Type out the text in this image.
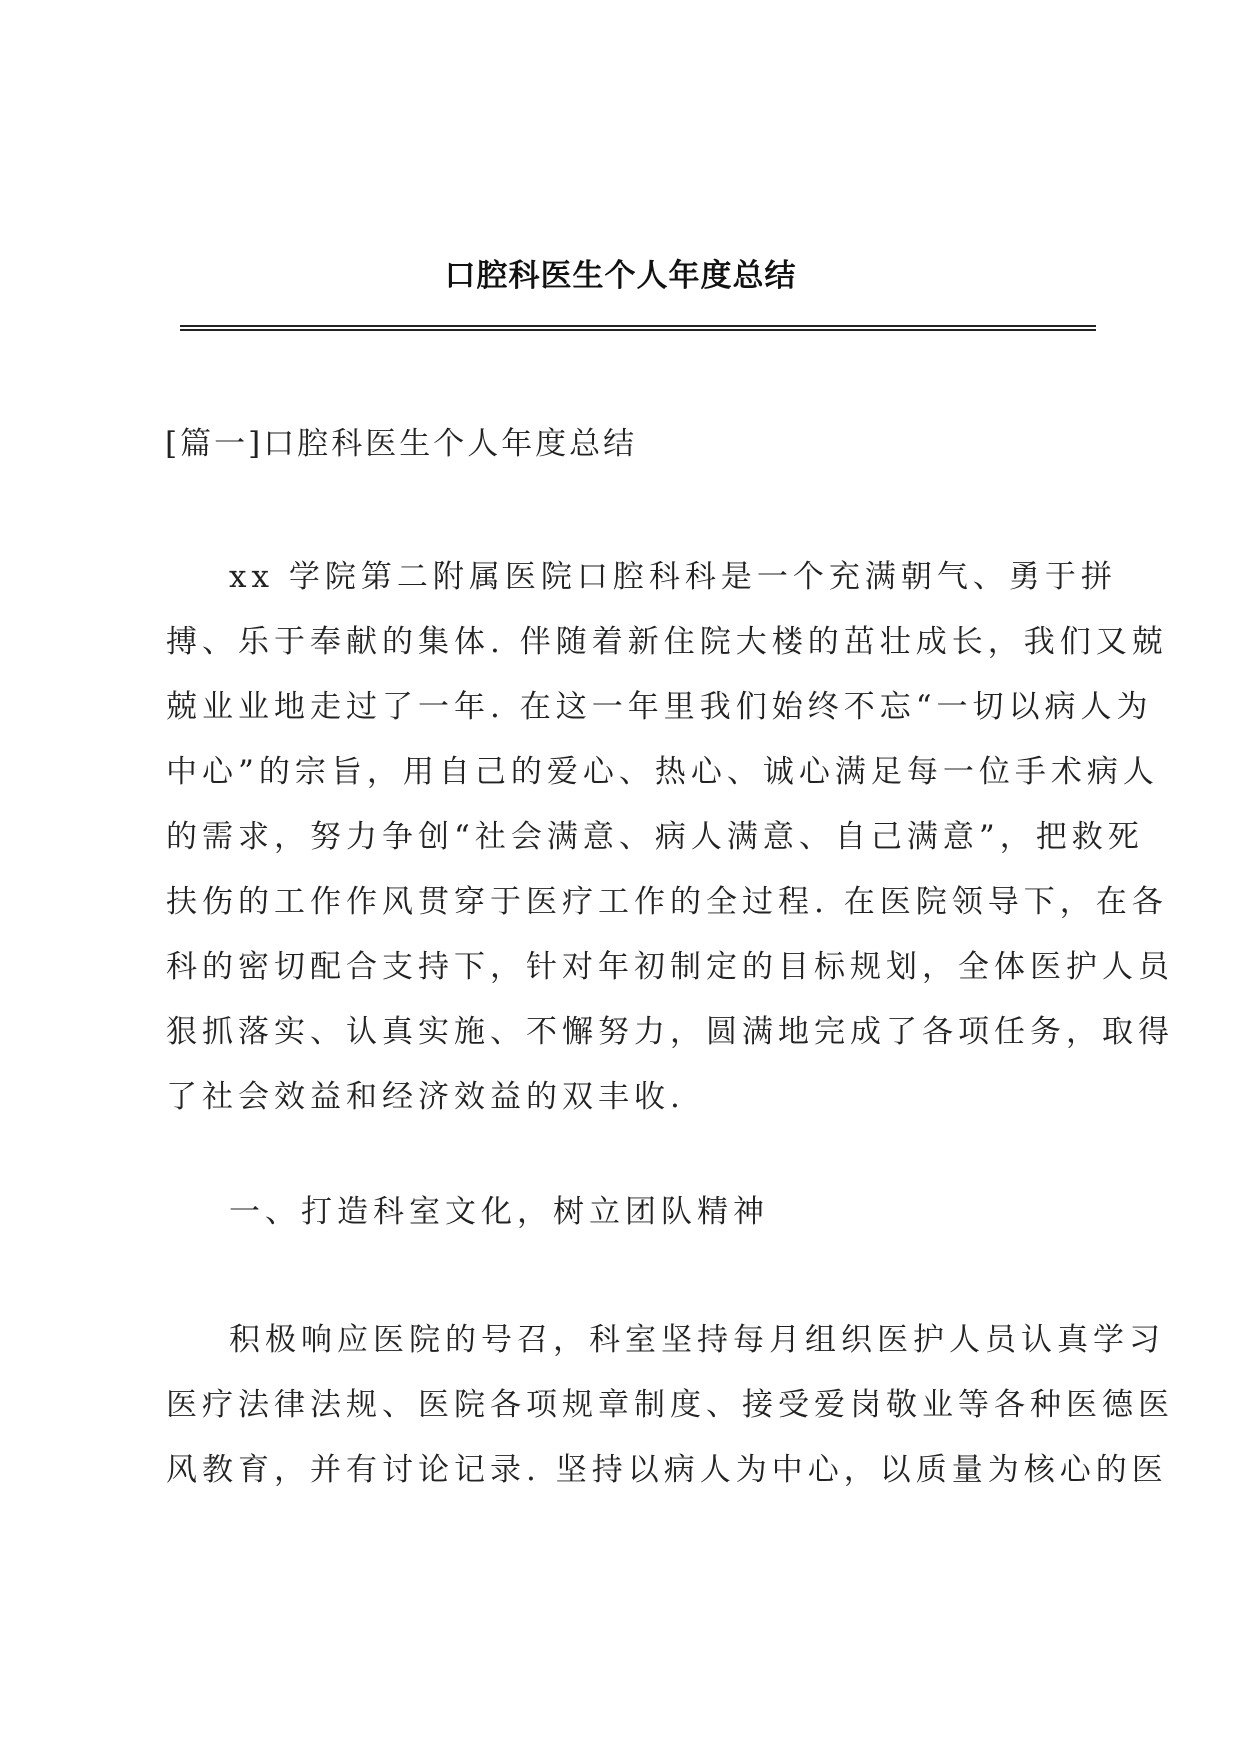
口腔科医生个人年度总结
[篇一]口腔科医生个人年度总结
xx 学院第二附属医院口腔科科是一个充满朝气、勇于拼
搏、乐于奉献的集体. 伴随着新住院大楼的茁壮成长，我们又兢
兢业业地走过了一年. 在这一年里我们始终不忘“一切以病人为
中心”的宗旨，用自己的爱心、热心、诚心满足每一位手术病人
的需求，努力争创“社会满意、病人满意、自己满意”，把救死
扶伤的工作作风贯穿于医疗工作的全过程. 在医院领导下，在各
科的密切配合支持下，针对年初制定的目标规划，全体医护人员
狠抓落实、认真实施、不懈努力，圆满地完成了各项任务，取得
了社会效益和经济效益的双丰收.
一、打造科室文化，树立团队精神
积极响应医院的号召，科室坚持每月组织医护人员认真学习
医疗法律法规、医院各项规章制度、接受爱岗敬业等各种医德医
风教育，并有讨论记录. 坚持以病人为中心，以质量为核心的医
